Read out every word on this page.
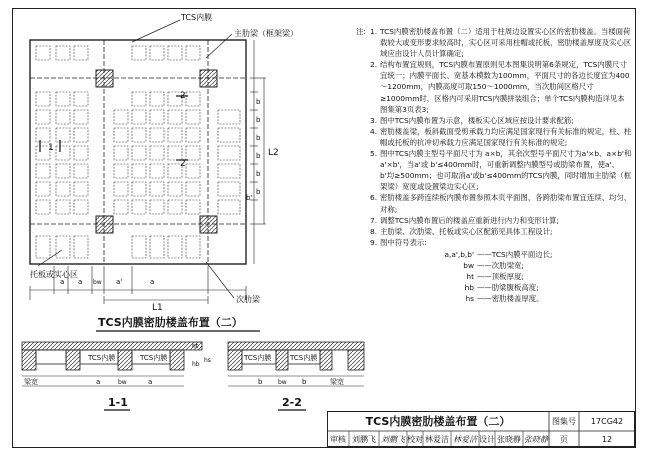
1
2
2
TCS内膜
主肋梁（框架梁）
托板或实心区
次肋梁
a a bw a'	a
L1
b
b
b
b
b
b
L2
b'
TCS内膜密肋楼盖布置（二）
TCS内膜	TCS内膜
梁宽	a	bw	a
ht
hs
hb
1-1
TCS内膜	TCS内膜
梁宽
b	bw b
2-2
注: 1. TCS内膜密肋楼盖布置（二）适用于柱周边设置实心区的密肋楼盖。当楼面荷载较大或变形要求较高时，实心区可采用柱帽或托板，密肋楼盖厚度及实心区域应由设计人员计算确定;
2. 结构布置宜规则，TCS内膜布置原则见本图集说明第6条规定，TCS内膜尺寸宜统一；内膜平面长、宽基本模数为100mm，平面尺寸的各边长度宜为400～1200mm，内膜高度可取150～1000mm，当次肋间区格尺寸≥1000mm时，区格内可采用TCS内膜拼装组合；单个TCS内膜构造详见本图集第3页表3;
3. 图中TCS内膜布置为示意，楼板实心区域应按设计要求配筋;
4. 密肋楼盖梁，板斜截面受剪承载力均应满足国家现行有关标准的规定，柱、柱帽或托板的抗冲切承载力应满足国家现行有关标准的规定;
5. 图中TCS内膜主型号平面尺寸为 a×b，其余次型号平面尺寸为a'×b、a×b'和a'×b'，当a'或 b'≤400mm时，可重新调整内膜型号或肋梁布置，使a'、b'均≥500mm；也可取消a'或b'≤400mm的TCS内膜，同时增加主肋梁（框架梁）宽度或设置梁边实心区;
6. 密肋楼盖多跨连续板内膜布置参照本页平面图，各跨肋梁布置宜连续、均匀、对称;
7. 调整TCS内膜布置后的楼盖应重新进行内力和变形计算;
8. 主肋梁、次肋梁、托板或实心区配筋见具体工程设计;
9. 图中符号表示:
a,a',b,b' ——TCS内膜平面边长;
bw ——次肋梁宽;
ht ——顶板厚度;
hb ——肋梁腹板高度;
hs ——密肋楼盖厚度。
TCS内膜密肋楼盖布置（二）	图集号	17CG42
审核 刘鹏飞 刘鹏飞 校对 林爱洁 林爱洁 设计 张晓静 张晓静	页	12
